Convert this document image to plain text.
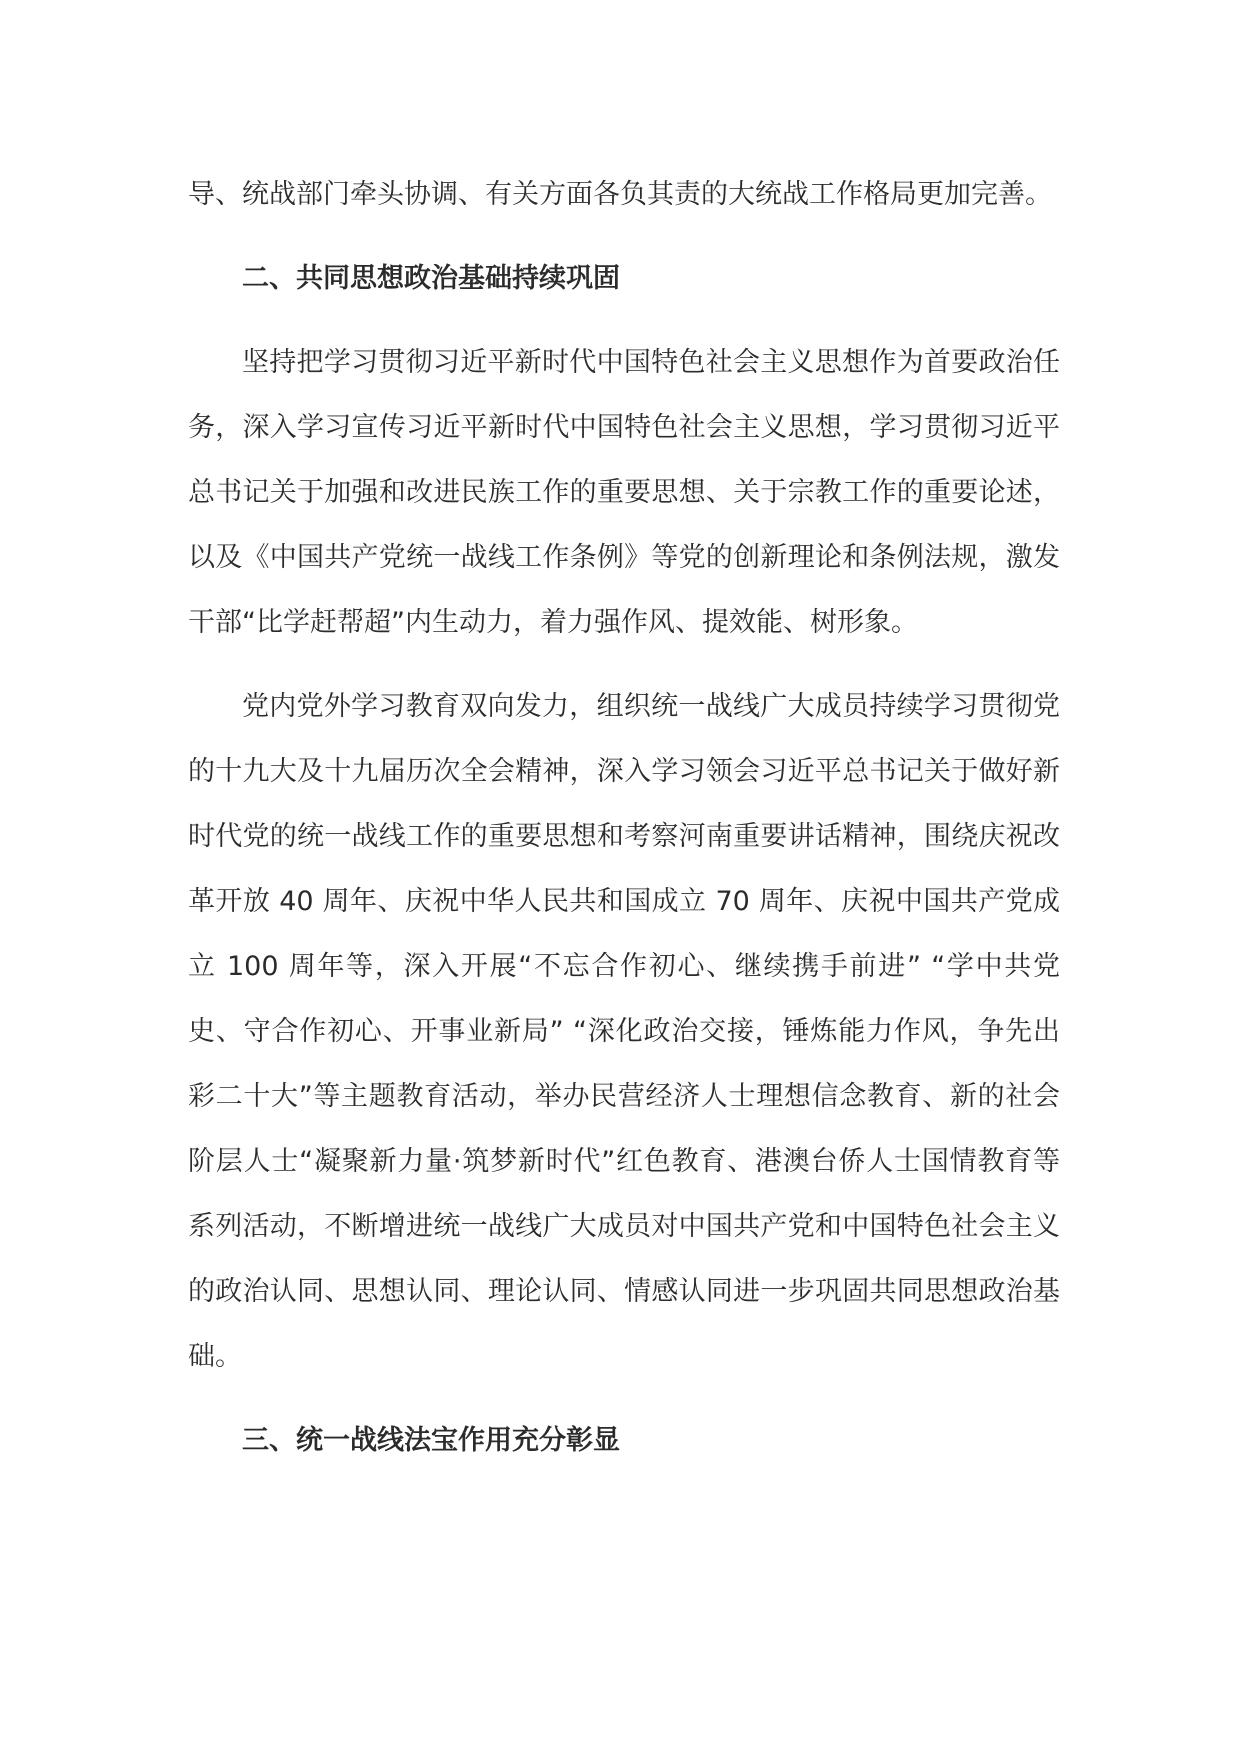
导、统战部门牵头协调、有关方面各负其责的大统战工作格局更加完善。

二、共同思想政治基础持续巩固

坚持把学习贯彻习近平新时代中国特色社会主义思想作为首要政治任务，深入学习宣传习近平新时代中国特色社会主义思想，学习贯彻习近平总书记关于加强和改进民族工作的重要思想、关于宗教工作的重要论述，以及《中国共产党统一战线工作条例》等党的创新理论和条例法规，激发干部“比学赶帮超”内生动力，着力强作风、提效能、树形象。

党内党外学习教育双向发力，组织统一战线广大成员持续学习贯彻党的十九大及十九届历次全会精神，深入学习领会习近平总书记关于做好新时代党的统一战线工作的重要思想和考察河南重要讲话精神，围绕庆祝改革开放 40 周年、庆祝中华人民共和国成立 70 周年、庆祝中国共产党成立 100 周年等，深入开展“不忘合作初心、继续携手前进” “学中共党史、守合作初心、开事业新局” “深化政治交接，锤炼能力作风，争先出彩二十大”等主题教育活动，举办民营经济人士理想信念教育、新的社会阶层人士“凝聚新力量·筑梦新时代”红色教育、港澳台侨人士国情教育等系列活动，不断增进统一战线广大成员对中国共产党和中国特色社会主义的政治认同、思想认同、理论认同、情感认同进一步巩固共同思想政治基础。

三、统一战线法宝作用充分彰显
